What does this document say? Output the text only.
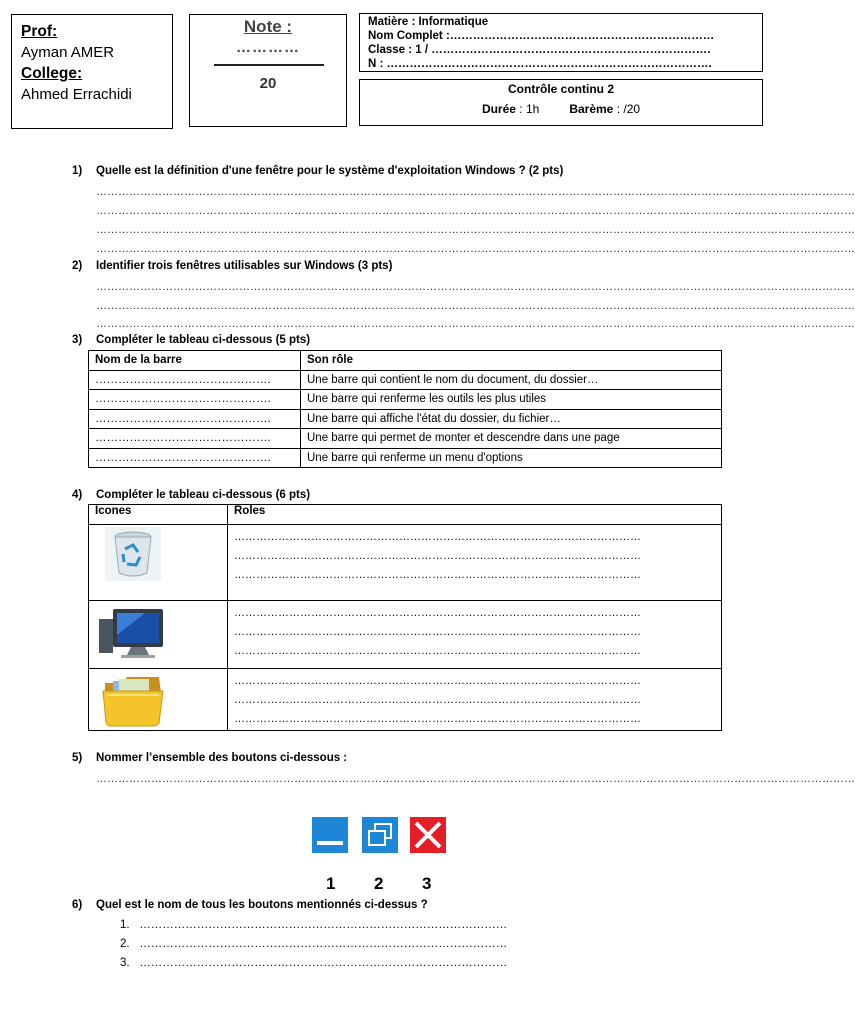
Prof:
Ayman AMER
College:
Ahmed Errachidi
Note :
…………
20
Matière : Informatique
Nom Complet :……………………………………………………………
Classe : 1 / ……………………………………………………………….
N : ………………………………………………………………………….
Contrôle continu 2
Durée : 1h	Barème : /20
1) Quelle est la définition d'une fenêtre pour le système d'exploitation Windows ? (2 pts)
………………………………………………………………………………………………………………………………………………………………………………………
………………………………………………………………………………………………………………………………………………………………………………………
………………………………………………………………………………………………………………………………………………………………………………………
………………………………………………………………………………………………………………………………………………………………………………………
2) Identifier trois fenêtres utilisables sur Windows (3 pts)
………………………………………………………………………………………………………………………………………………………………………………………
………………………………………………………………………………………………………………………………………………………………………………………
………………………………………………………………………………………………………………………………………………………………………………………
3) Compléter le tableau ci-dessous (5 pts)
Nom de la barre	Son rôle
……………………………………….	Une barre qui contient le nom du document, du dossier…
……………………………………….	Une barre qui renferme les outils les plus utiles
……………………………………….	Une barre qui affiche l'état du dossier, du fichier…
……………………………………….	Une barre qui permet de monter et descendre dans une page
……………………………………….	Une barre qui renferme un menu d'options
4) Compléter le tableau ci-dessous (6 pts)
Icones	Roles

…………………………………………………………………………………………………
…………………………………………………………………………………………………
…………………………………………………………………………………………………

…………………………………………………………………………………………………
…………………………………………………………………………………………………
…………………………………………………………………………………………………

…………………………………………………………………………………………………
…………………………………………………………………………………………………
…………………………………………………………………………………………………
5) Nommer l’ensemble des boutons ci-dessous :
………………………………………………………………………………………………………………………………………………………………………………………
1 2 3
6) Quel est le nom de tous les boutons mentionnés ci-dessus ?
1. ……………………………………………………………………………………
2. ……………………………………………………………………………………
3. ……………………………………………………………………………………
